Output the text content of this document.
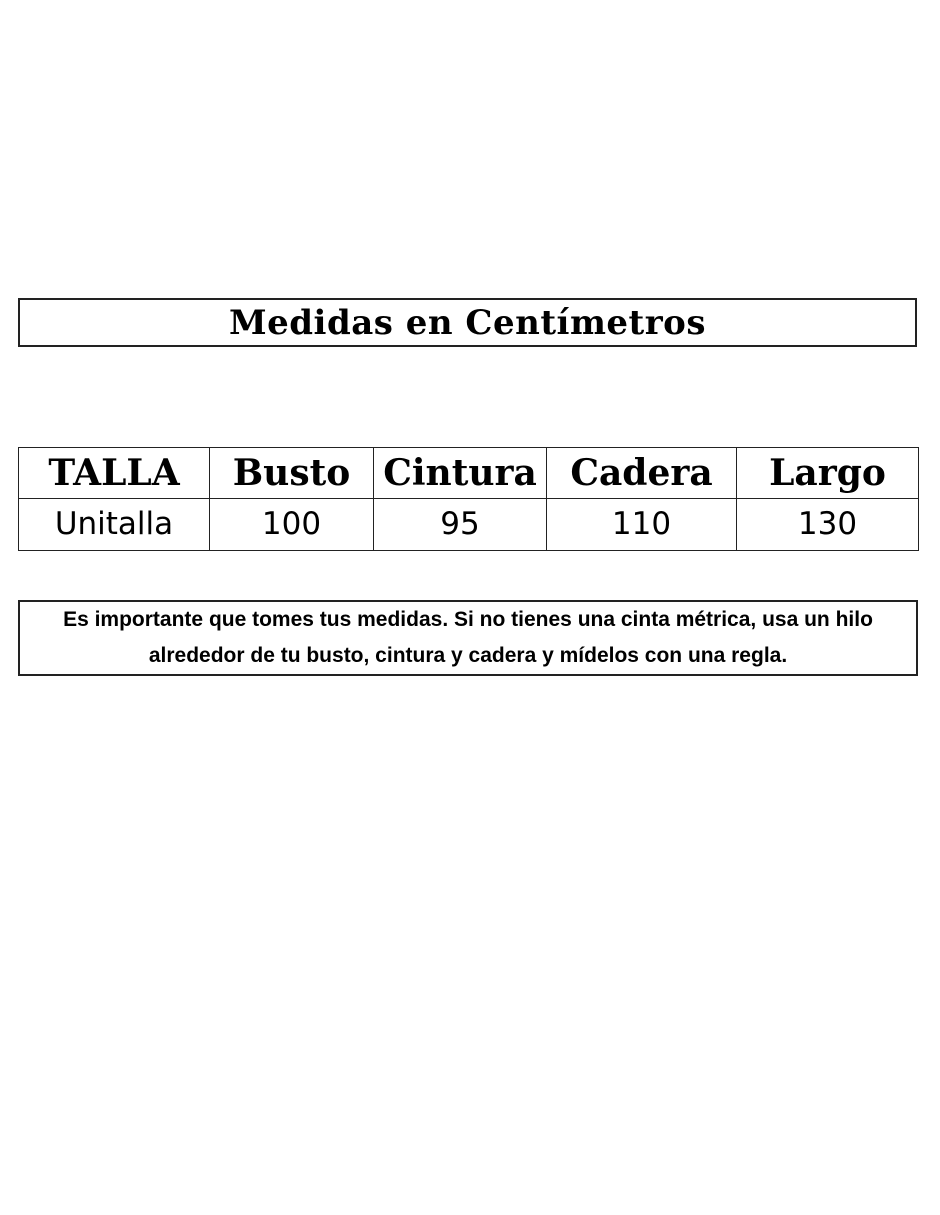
Medidas en Centímetros
TALLA	Busto	Cintura	Cadera	Largo
Unitalla	100	95	110	130
Es importante que tomes tus medidas. Si no tienes una cinta métrica, usa un hilo
alrededor de tu busto, cintura y cadera y mídelos con una regla.
